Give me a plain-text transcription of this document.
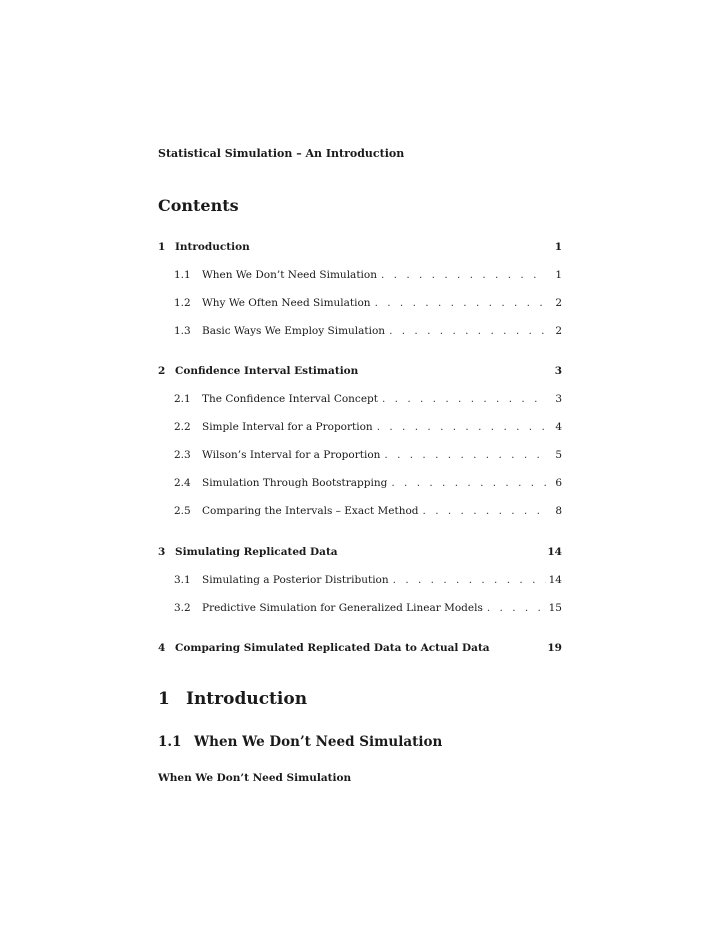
Statistical Simulation – An Introduction
Contents
1 Introduction	1
1.1	When We Don’t Need Simulation . . .	1
1.2	Why We Often Need Simulation . . .	2
1.3	Basic Ways We Employ Simulation . . .	2
2 Confidence Interval Estimation	3
2.1	The Confidence Interval Concept . . .	3
2.2	Simple Interval for a Proportion . . .	4
2.3	Wilson’s Interval for a Proportion . . .	5
2.4	Simulation Through Bootstrapping . . .	6
2.5	Comparing the Intervals – Exact Method . . .	8
3 Simulating Replicated Data	14
3.1	Simulating a Posterior Distribution . . .	14
3.2	Predictive Simulation for Generalized Linear Models . . .	15
4 Comparing Simulated Replicated Data to Actual Data	19
1 Introduction
1.1 When We Don’t Need Simulation
When We Don’t Need Simulation
